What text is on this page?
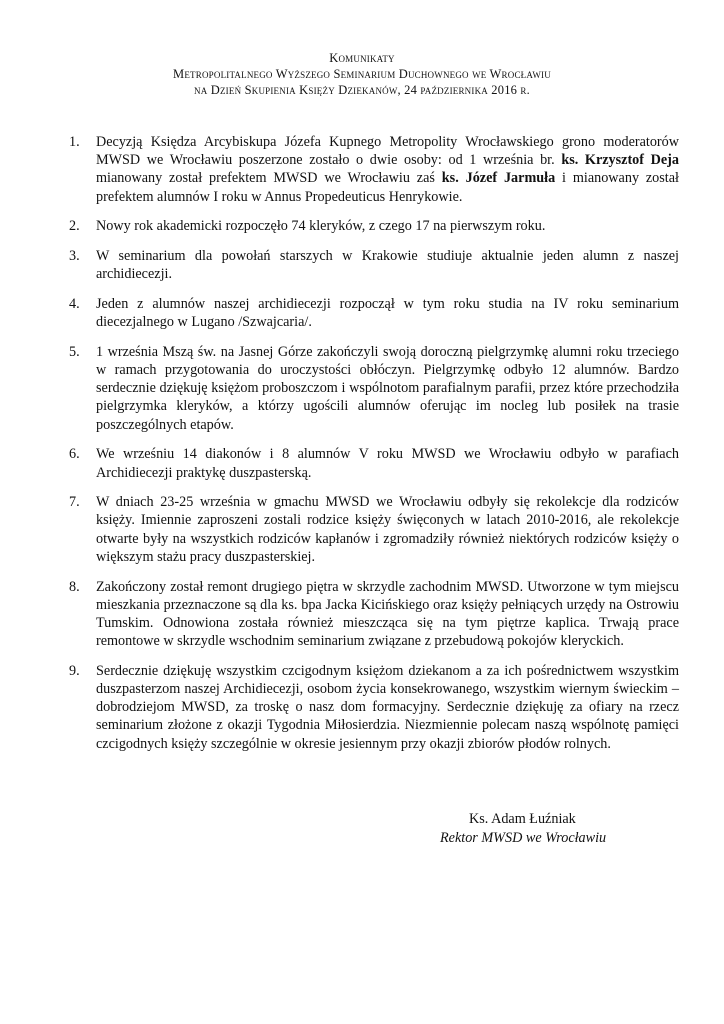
Komunikaty
Metropolitalnego Wyższego Seminarium Duchownego we Wrocławiu
na Dzień Skupienia Księży Dziekanów, 24 października 2016 r.
1. Decyzją Księdza Arcybiskupa Józefa Kupnego Metropolity Wrocławskiego grono moderatorów MWSD we Wrocławiu poszerzone zostało o dwie osoby: od 1 września br. ks. Krzysztof Deja mianowany został prefektem MWSD we Wrocławiu zaś ks. Józef Jarmuła i mianowany został prefektem alumnów I roku w Annus Propedeuticus Henrykowie.
2. Nowy rok akademicki rozpoczęło 74 kleryków, z czego 17 na pierwszym roku.
3. W seminarium dla powołań starszych w Krakowie studiuje aktualnie jeden alumn z naszej archidiecezji.
4. Jeden z alumnów naszej archidiecezji rozpoczął w tym roku studia na IV roku seminarium diecezjalnego w Lugano /Szwajcaria/.
5. 1 września Mszą św. na Jasnej Górze zakończyli swoją doroczną pielgrzymkę alumni roku trzeciego w ramach przygotowania do uroczystości obłóczyn. Pielgrzymkę odbyło 12 alumnów. Bardzo serdecznie dziękuję księżom proboszczom i wspólnotom parafialnym parafii, przez które przechodziła pielgrzymka kleryków, a którzy ugościli alumnów oferując im nocleg lub posiłek na trasie poszczególnych etapów.
6. We wrześniu 14 diakonów i 8 alumnów V roku MWSD we Wrocławiu odbyło w parafiach Archidiecezji praktykę duszpasterską.
7. W dniach 23-25 września w gmachu MWSD we Wrocławiu odbyły się rekolekcje dla rodziców księży. Imiennie zaproszeni zostali rodzice księży święconych w latach 2010-2016, ale rekolekcje otwarte były na wszystkich rodziców kapłanów i zgromadziły również niektórych rodziców księży o większym stażu pracy duszpasterskiej.
8. Zakończony został remont drugiego piętra w skrzydle zachodnim MWSD. Utworzone w tym miejscu mieszkania przeznaczone są dla ks. bpa Jacka Kicińskiego oraz księży pełniących urzędy na Ostrowiu Tumskim. Odnowiona została również mieszcząca się na tym piętrze kaplica. Trwają prace remontowe w skrzydle wschodnim seminarium związane z przebudową pokojów kleryckich.
9. Serdecznie dziękuję wszystkim czcigodnym księżom dziekanom a za ich pośrednictwem wszystkim duszpasterzom naszej Archidiecezji, osobom życia konsekrowanego, wszystkim wiernym świeckim – dobrodziejom MWSD, za troskę o nasz dom formacyjny. Serdecznie dziękuję za ofiary na rzecz seminarium złożone z okazji Tygodnia Miłosierdzia. Niezmiennie polecam naszą wspólnotę pamięci czcigodnych księży szczególnie w okresie jesiennym przy okazji zbiorów płodów rolnych.
Ks. Adam Łuźniak
Rektor MWSD we Wrocławiu
